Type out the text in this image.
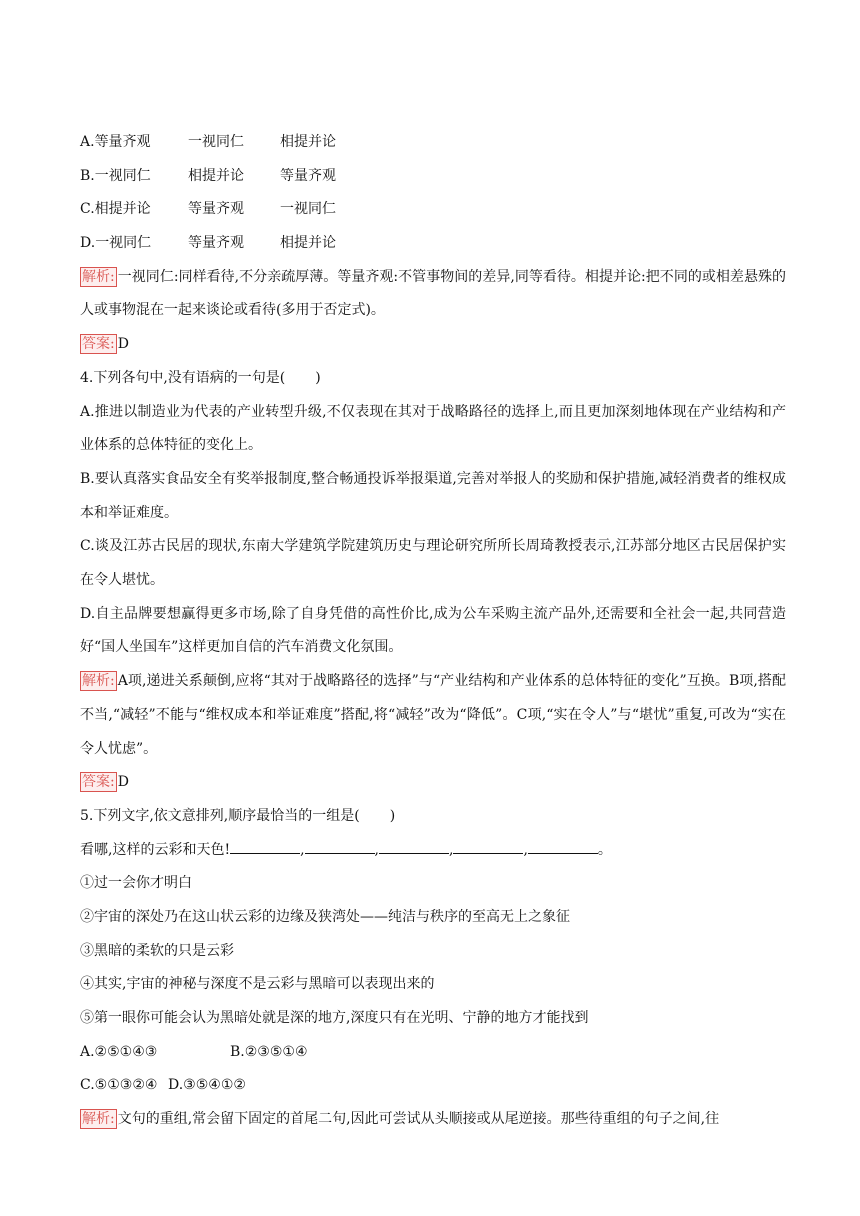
A.等量齐观	一视同仁	相提并论
B.一视同仁	相提并论	等量齐观
C.相提并论	等量齐观	一视同仁
D.一视同仁	等量齐观	相提并论
解析: 一视同仁:同样看待,不分亲疏厚薄。等量齐观:不管事物间的差异,同等看待。相提并论:把不同的或相差悬殊的人或事物混在一起来谈论或看待(多用于否定式)。
答案: D
4.下列各句中,没有语病的一句是( )
A.推进以制造业为代表的产业转型升级,不仅表现在其对于战略路径的选择上,而且更加深刻地体现在产业结构和产业体系的总体特征的变化上。
B.要认真落实食品安全有奖举报制度,整合畅通投诉举报渠道,完善对举报人的奖励和保护措施,减轻消费者的维权成本和举证难度。
C.谈及江苏古民居的现状,东南大学建筑学院建筑历史与理论研究所所长周琦教授表示,江苏部分地区古民居保护实在令人堪忧。
D.自主品牌要想赢得更多市场,除了自身凭借的高性价比,成为公车采购主流产品外,还需要和全社会一起,共同营造好“国人坐国车”这样更加自信的汽车消费文化氛围。
解析: A项,递进关系颠倒,应将“其对于战略路径的选择”与“产业结构和产业体系的总体特征的变化”互换。B项,搭配不当,“减轻”不能与“维权成本和举证难度”搭配,将“减轻”改为“降低”。C项,“实在令人”与“堪忧”重复,可改为“实在令人忧虑”。
答案: D
5.下列文字,依文意排列,顺序最恰当的一组是( )
看哪,这样的云彩和天色!	,	,	,	,	。
①过一会你才明白
②宇宙的深处乃在这山状云彩的边缘及狭湾处——纯洁与秩序的至高无上之象征
③黑暗的柔软的只是云彩
④其实,宇宙的神秘与深度不是云彩与黑暗可以表现出来的
⑤第一眼你可能会认为黑暗处就是深的地方,深度只有在光明、宁静的地方才能找到
A.②⑤①④③	B.②③⑤①④
C.⑤①③②④ D.③⑤④①②
解析: 文句的重组,常会留下固定的首尾二句,因此可尝试从头顺接或从尾逆接。那些待重组的句子之间,往
